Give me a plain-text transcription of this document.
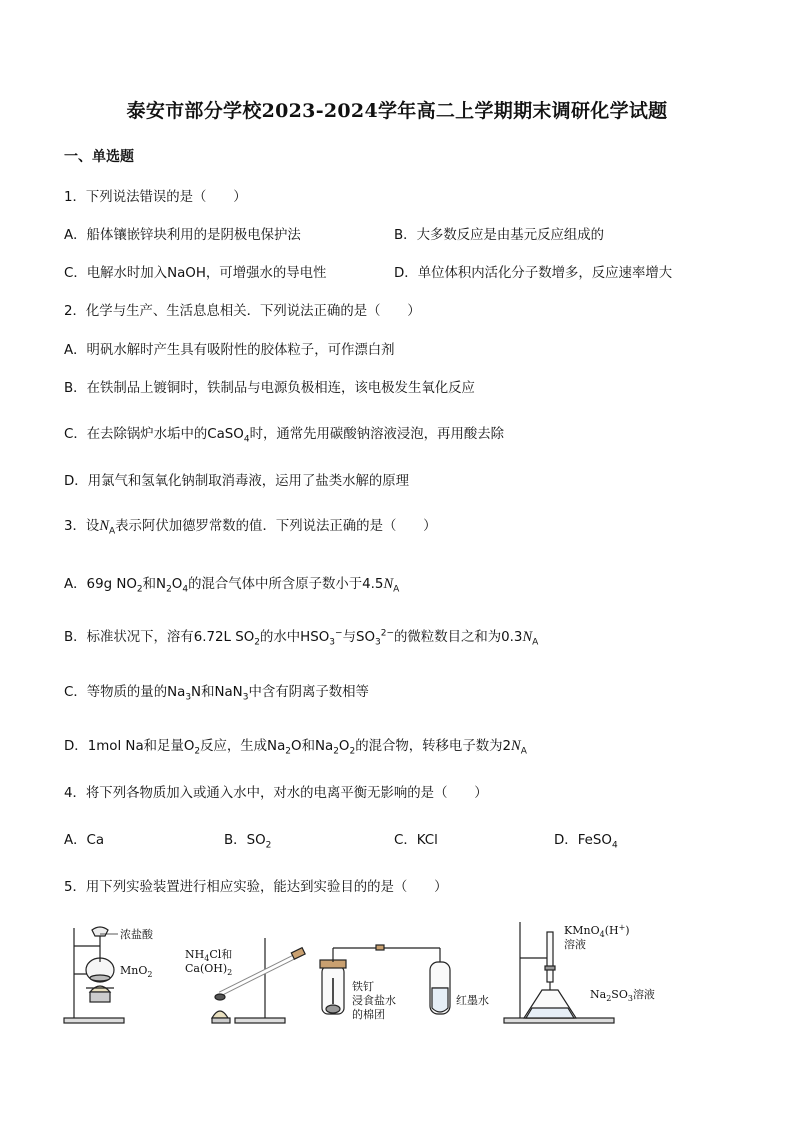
泰安市部分学校2023-2024学年高二上学期期末调研化学试题
一、单选题
1．下列说法错误的是（　　）
A．船体镶嵌锌块利用的是阴极电保护法	B．大多数反应是由基元反应组成的
C．电解水时加入NaOH，可增强水的导电性	D．单位体积内活化分子数增多，反应速率增大
2．化学与生产、生活息息相关．下列说法正确的是（　　）
A．明矾水解时产生具有吸附性的胶体粒子，可作漂白剂
B．在铁制品上镀铜时，铁制品与电源负极相连，该电极发生氧化反应
C．在去除锅炉水垢中的CaSO$_4$时，通常先用碳酸钠溶液浸泡，再用酸去除
D．用氯气和氢氧化钠制取消毒液，运用了盐类水解的原理
3．设$N_A$表示阿伏加德罗常数的值．下列说法正确的是（　　）
A．69g $NO_2$和$N_2O_4$的混合气体中所含原子数小于$4.5N_A$
B．标准状况下，溶有6.72L $SO_2$的水中$HSO_3^-$与$SO_3^{2-}$的微粒数目之和为$0.3N_A$
C．等物质的量的$Na_3N$和NaN$_3$中含有阴离子数相等
D．1mol Na和足量$O_2$反应，生成$Na_2O$和$Na_2O_2$的混合物，转移电子数为$2N_A$
4．将下列各物质加入或通入水中，对水的电离平衡无影响的是（　　）
A．Ca	B．$SO_2$	C．KCl	D．FeSO$_4$
5．用下列实验装置进行相应实验，能达到实验目的的是（　　）
浓盐酸
MnO$_2$
$NH_4Cl$和
$Ca(OH)_2$
铁钉
浸食盐水
的棉团
红墨水
KMnO$_4$(H+)
溶液
$Na_2SO_3$溶液
